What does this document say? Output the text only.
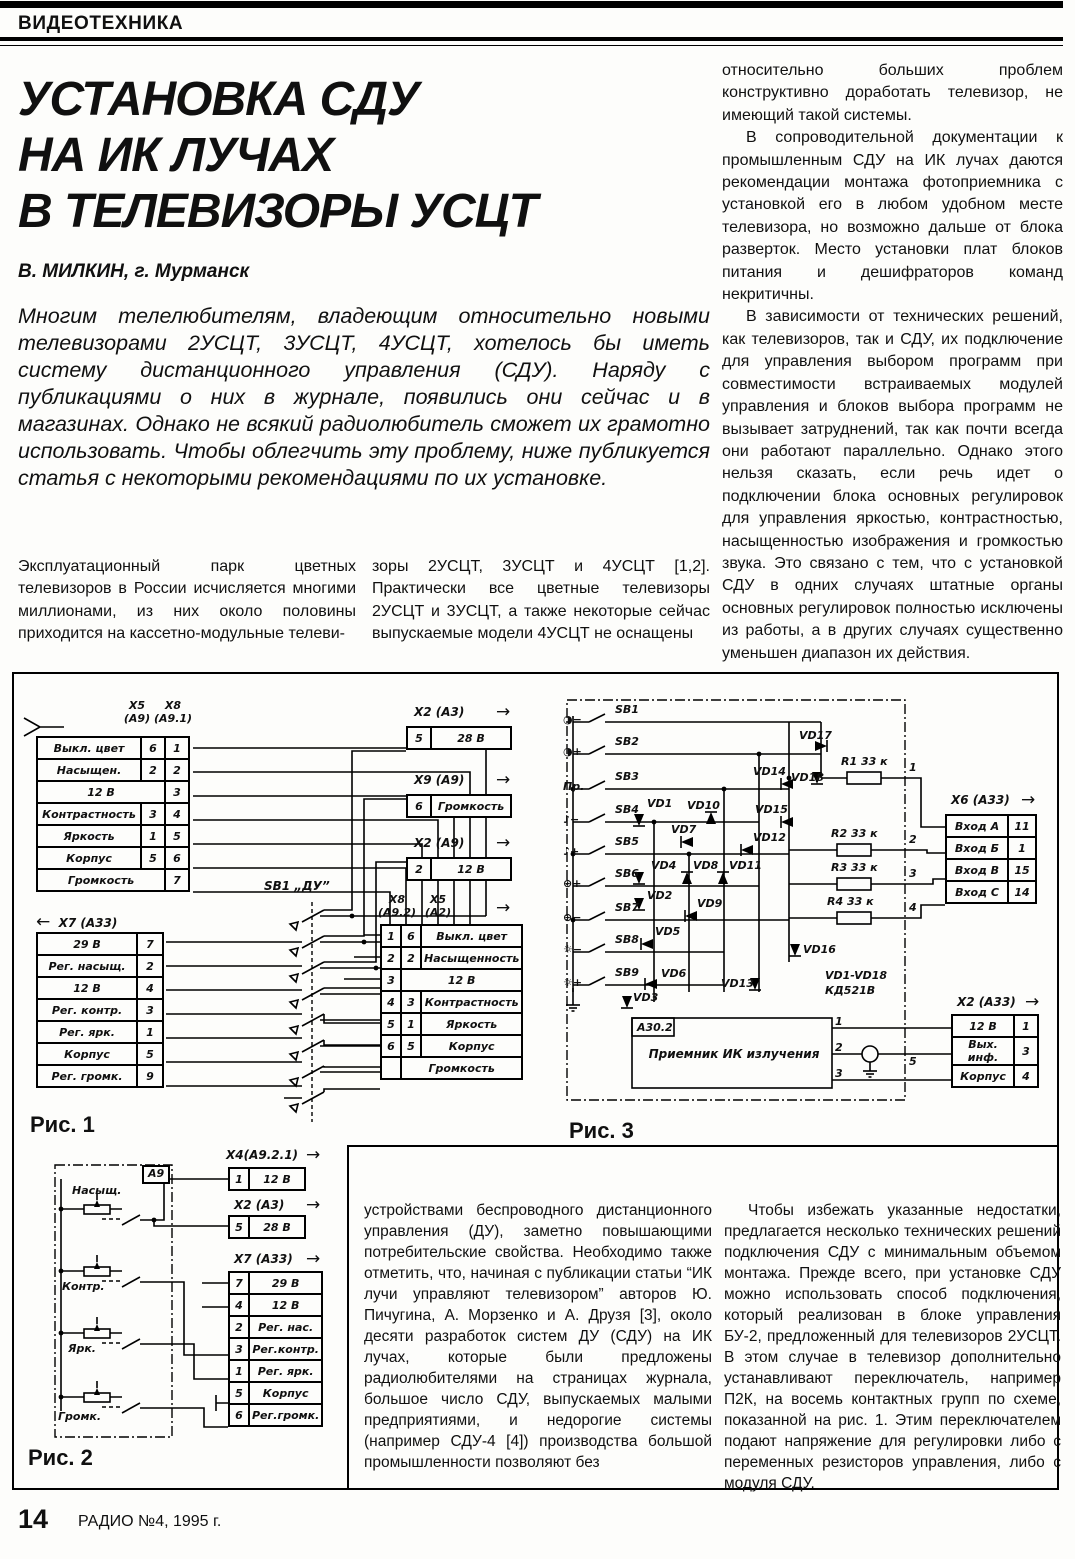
ВИДЕОТЕХНИКА
УСТАНОВКА СДУ
НА ИК ЛУЧАХ
В ТЕЛЕВИЗОРЫ УСЦТ
В. МИЛКИН, г. Мурманск
Многим телелюбителям, владеющим относительно новыми телевизорами 2УСЦТ, 3УСЦТ, 4УСЦТ, хотелось бы иметь систему дистанционного управления (СДУ). Наряду с публикациями о них в журнале, появились они сейчас и в магазинах. Однако не всякий радиолюбитель сможет их грамотно использовать. Чтобы облегчить эту проблему, ниже публикуется статья с некоторыми рекомендациями по их установке.

Эксплуатационный парк цветных телевизоров в России исчисляется многими миллионами, из них около половины приходится на кассетно-модульные телеви-

зоры 2УСЦТ, 3УСЦТ и 4УСЦТ [1,2]. Практически все цветные телевизоры 2УСЦТ и 3УСЦТ, а также некоторые сейчас выпускаемые модели 4УСЦТ не оснащены

относительно больших проблем конструктивно доработать телевизор, не имеющий такой системы.

В сопроводительной документации к промышленным СДУ на ИК лучах даются рекомендации монтажа фотоприемника с установкой его в любом удобном месте телевизора, но возможно дальше от блока разверток. Место установки плат блоков питания и дешифраторов команд некритичны.

В зависимости от технических решений, как телевизоров, так и СДУ, их подключение для управления выбором программ при совместимости встраиваемых модулей управления и блоков выбора программ не вызывает затруднений, так как почти всегда они работают параллельно. Однако этого нельзя сказать, если речь идет о подключении блока основных регулировок для управления яркостью, контрастностью, насыщенностью изображения и громкостью звука. Это связано с тем, что с установкой СДУ в одних случаях штатные органы основных регулировок полностью исключены из работы, а в других случаях существенно уменьшен диапазон их действия.

Х5
(А9)
Х8
(А9.1)
Выкл. цвет	6	1
Насыщен.	2	2
12 В		3
Контрастность	3	4
Яркость	1	5
Корпус	5	6
Громкость		7
← Х7 (А33)
29 В	7
Рег. насыщ.	2
12 В	4
Рег. контр.	3
Рег. ярк.	1
Корпус	5
Рег. громк.	9
SВ1 „ДУ”
Х2 (А3) →
5	28 В
Х9 (А9) →
6	Громкость
Х2 (А9) →
2	12 В
Х8
(А9.2)
Х5
(А2)	→
1	6	Выкл. цвет
2	2	Насыщенность
3	12 В	
4	3	Контрастность
5	1	Яркость
6	5	Корпус
	Громкость	
Рис. 1
◑−
SВ1
◑+
SВ2
Пр.
SВ3
♪−
SВ4
♪+
SВ5
⊕+
SВ6
⊕−
SВ7
☼−
SВ8
☼+
SВ9
VD1
VD2
VD3
VD4
VD5
VD6
VD7
VD8
VD9
VD10
VD11
VD12
VD13
VD14
VD15
VD16
VD17
VD18
VD1-VD18
КД521В
R1 33 к
R2 33 к
R3 33 к
R4 33 к
1
2
3
4
5
Х6 (А33) →
Вход А	11
Вход Б	1
Вход В	15
Вход С	14
А30.2
Приемник ИК излучения
1
2
3
Х2 (А33) →
12 В	1
Вых. инф.	3
Корпус	4
Рис. 3
А9
Насыщ.
Контр.
Ярк.
Громк.
Х4(А9.2.1) →
1	12 В
Х2 (А3) →
5	28 В
Х7 (А33) →
7	29 В
4	12 В
2	Рег. нас.
3	Рег.контр.
1	Рег. ярк.
5	Корпус
6	Рег.громк.
Рис. 2

устройствами беспроводного дистанционного управления (ДУ), заметно повышающими потребительские свойства. Необходимо также отметить, что, начиная с публикации статьи “ИК лучи управляют телевизором” авторов Ю. Пичугина, А. Морзенко и А. Друзя [3], около десяти разработок систем ДУ (СДУ) на ИК лучах, которые были предложены радиолюбителями на страницах журнала, большое число СДУ, выпускаемых малыми предприятиями, и недорогие системы (например СДУ-4 [4]) производства большой промышленности позволяют без

Чтобы избежать указанные недостатки, предлагается несколько технических решений подключения СДУ с минимальным объемом монтажа. Прежде всего, при установке СДУ можно использовать способ подключения, который реализован в блоке управления БУ-2, предложенный для телевизоров 2УСЦТ. В этом случае в телевизор дополнительно устанавливают переключатель, например П2К, на восемь контактных групп по схеме, показанной на рис. 1. Этим переключателем подают напряжение для регулировки либо с переменных резисторов управления, либо с модуля СДУ.

14 РАДИО №4, 1995 г.
